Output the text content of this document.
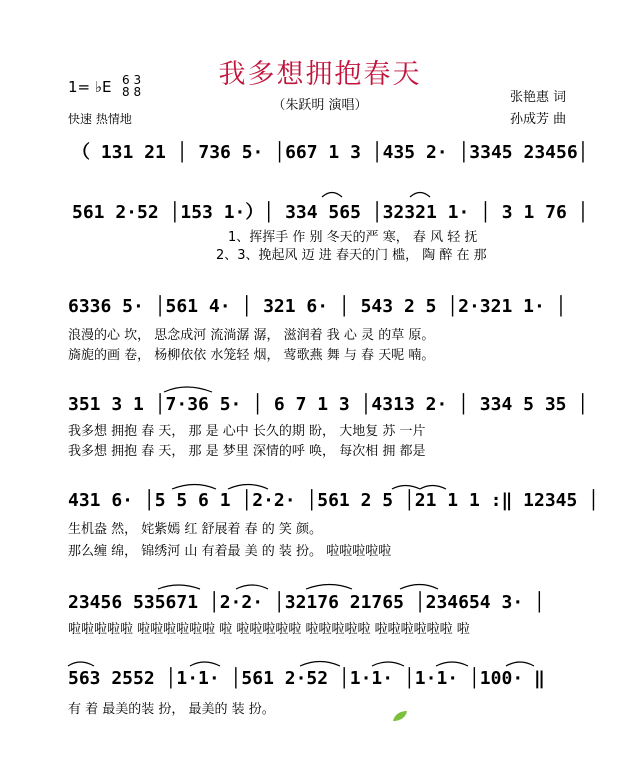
我多想拥抱春天
（朱跃明 演唱）
1= ♭E 6 3
8 8
快速 热情地
张艳惠 词
孙成芳 曲
（ 131 21 │ 736 5· │667 1 3 │435 2· │3345 23456│
561 2·52 │153 1·）│ 334 565 │32321 1· │ 3 1 76 │
1、挥挥手 作 别 冬天的严 寒， 春 风 轻 抚
2、3、挽起风 迈 进 春天的门 槛， 陶 醉 在 那
6336 5· │561 4· │ 321 6· │ 543 2 5 │2·321 1· │
浪漫的心 坎， 思念成河 流淌潺 潺， 滋润着 我 心 灵 的草 原。
旖旎的画 卷， 杨柳依依 水笼轻 烟， 莺歌燕 舞 与 春 天呢 喃。
351 3 1 │7·36 5· │ 6 7 1 3 │4313 2· │ 334 5 35 │
我多想 拥抱 春 天， 那 是 心中 长久的期 盼， 大地复 苏 一片
我多想 拥抱 春 天， 那 是 梦里 深情的呼 唤， 每次相 拥 都是
431 6· │5 5 6 1 │2·2· │561 2 5 │21 1 1 :‖ 12345 │
生机盎 然， 姹紫嫣 红 舒展着 春 的 笑 颜。
那么缠 绵， 锦绣河 山 有着最 美 的 装 扮。 啦啦啦啦啦
23456 535671 │2·2· │32176 21765 │234654 3· │
啦啦啦啦啦 啦啦啦啦啦啦 啦 啦啦啦啦啦 啦啦啦啦啦 啦啦啦啦啦啦 啦
563 2552 │1·1· │561 2·52 │1·1· │1·1· │100· ‖
有 着 最美的装 扮， 最美的 装 扮。
